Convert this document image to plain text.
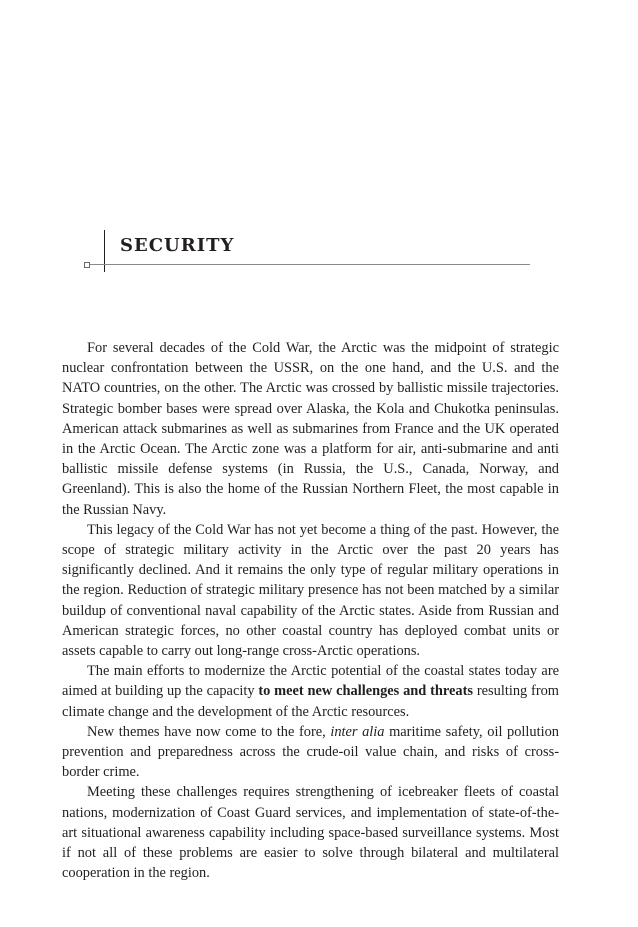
SECURITY

For several decades of the Cold War, the Arctic was the midpoint of strategic nuclear confrontation between the USSR, on the one hand, and the U.S. and the NATO countries, on the other. The Arctic was crossed by ballistic missile trajectories. Strategic bomber bases were spread over Alaska, the Kola and Chukotka peninsulas. American attack submarines as well as submarines from France and the UK operated in the Arctic Ocean. The Arctic zone was a platform for air, anti-submarine and anti ballistic missile defense systems (in Russia, the U.S., Canada, Norway, and Greenland). This is also the home of the Russian Northern Fleet, the most capable in the Russian Navy.

This legacy of the Cold War has not yet become a thing of the past. However, the scope of strategic military activity in the Arctic over the past 20 years has significantly declined. And it remains the only type of regular military operations in the region. Reduction of strategic military presence has not been matched by a similar buildup of conventional naval capability of the Arctic states. Aside from Russian and American strategic forces, no other coastal country has deployed combat units or assets capable to carry out long-range cross-Arctic operations.

The main efforts to modernize the Arctic potential of the coastal states today are aimed at building up the capacity to meet new challenges and threats resulting from climate change and the development of the Arctic resources.

New themes have now come to the fore, inter alia maritime safety, oil pollution prevention and preparedness across the crude-oil value chain, and risks of cross-border crime.

Meeting these challenges requires strengthening of icebreaker fleets of coastal nations, modernization of Coast Guard services, and implementation of state-of-the-art situational awareness capability including space-based surveillance systems. Most if not all of these problems are easier to solve through bilateral and multilateral cooperation in the region.
